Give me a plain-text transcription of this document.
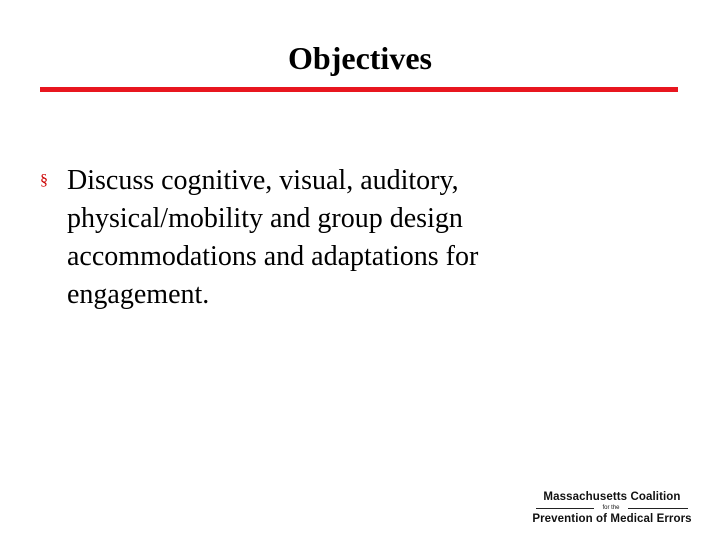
Objectives
§ Discuss cognitive, visual, auditory, physical/mobility and group design accommodations and adaptations for engagement.
Massachusetts Coalition
for the
Prevention of Medical Errors
